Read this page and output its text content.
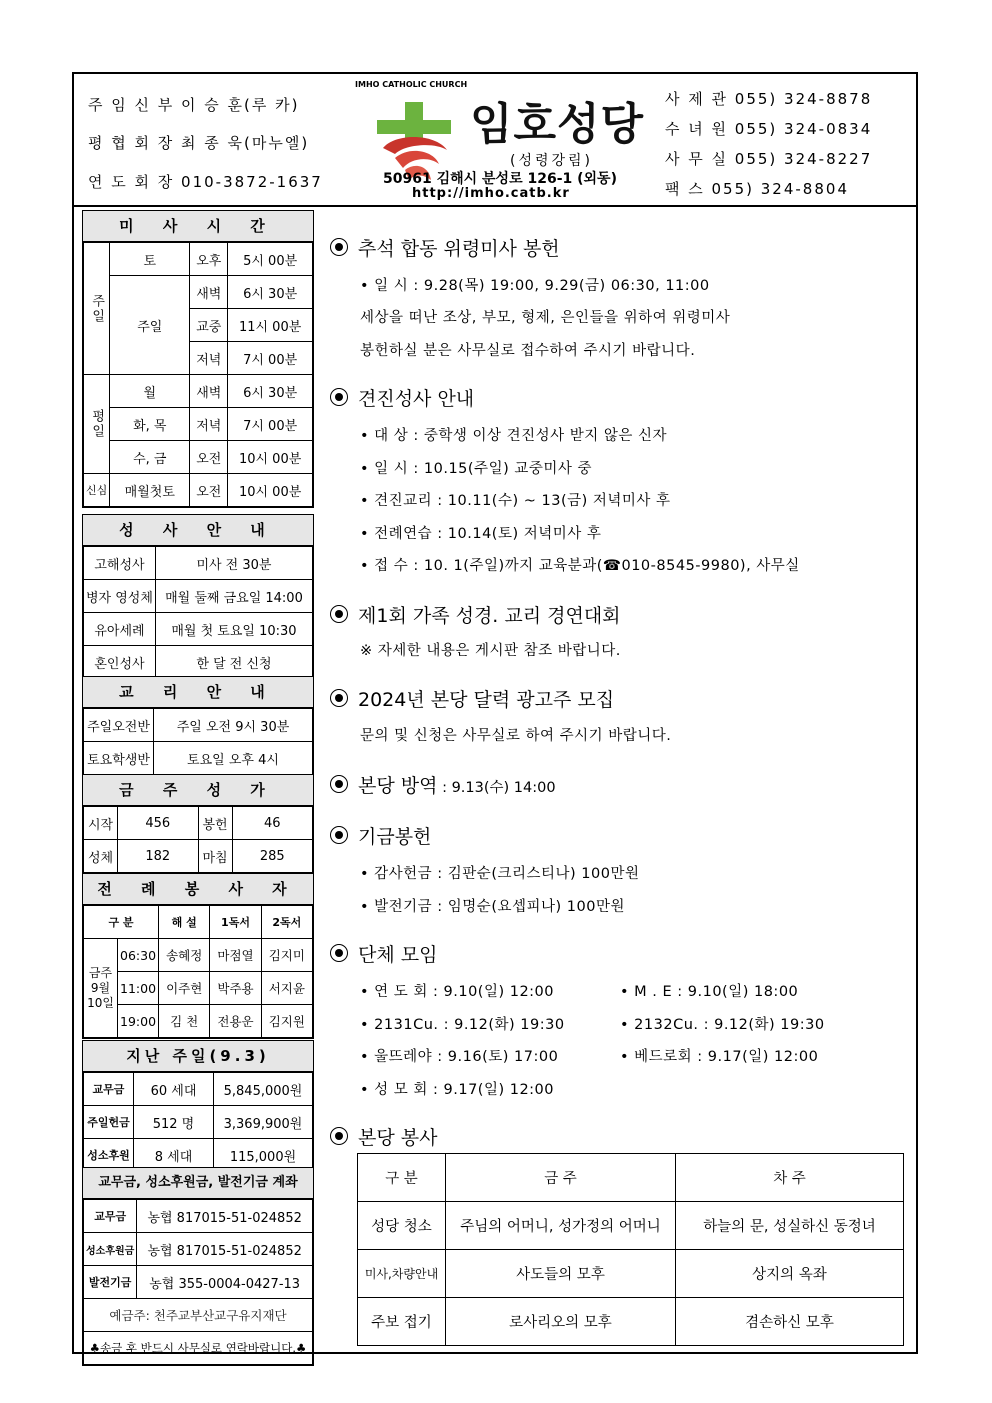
주 임 신 부 이 승 훈(루 카)
평 협 회 장 최 종 욱(마누엘)
연 도 회 장 010-3872-1637
IMHO CATHOLIC CHURCH
임호성당
(성령강림)
50961 김해시 분성로 126-1 (외동)
http://imho.catb.kr
사 제 관 055) 324-8878
수 녀 원 055) 324-0834
사 무 실 055) 324-8227
팩 스 055) 324-8804
미 사 시 간
주일	토	오후	5시 00분
	주일	새벽	6시 30분
		교중	11시 00분
		저녁	7시 00분
평일	월	새벽	6시 30분
	화, 목	저녁	7시 00분
	수, 금	오전	10시 00분
신심	매월첫토	오전	10시 00분
성 사 안 내
고해성사	미사 전 30분
병자 영성체	매월 둘째 금요일 14:00
유아세례	매월 첫 토요일 10:30
혼인성사	한 달 전 신청
교 리 안 내
주일오전반	주일 오전 9시 30분
토요학생반	토요일 오후 4시
금 주 성 가
시작	456	봉헌	46
성체	182	마침	285
전 례 봉 사 자
구 분		해 설	1독서	2독서
금주 9월 10일	06:30	송혜정	마점열	김지미
	11:00	이주현	박주용	서지윤
	19:00	김 천	전용운	김지원
지난 주일(9.3)
교무금	60 세대	5,845,000원
주일헌금	512 명	3,369,900원
성소후원	8 세대	115,000원
교무금, 성소후원금, 발전기금 계좌
교무금	농협 817015-51-024852
성소후원금	농협 817015-51-024852
발전기금	농협 355-0004-0427-13
예금주: 천주교부산교구유지재단	
♣송금 후 반드시 사무실로 연락바랍니다.♣	
추석 합동 위령미사 봉헌
• 일 시 : 9.28(목) 19:00, 9.29(금) 06:30, 11:00
세상을 떠난 조상, 부모, 형제, 은인들을 위하여 위령미사
봉헌하실 분은 사무실로 접수하여 주시기 바랍니다.
견진성사 안내
• 대 상 : 중학생 이상 견진성사 받지 않은 신자
• 일 시 : 10.15(주일) 교중미사 중
• 견진교리 : 10.11(수) ~ 13(금) 저녁미사 후
• 전례연습 : 10.14(토) 저녁미사 후
• 접 수 : 10. 1(주일)까지 교육분과(☎010-8545-9980), 사무실
제1회 가족 성경. 교리 경연대회
※ 자세한 내용은 게시판 참조 바랍니다.
2024년 본당 달력 광고주 모집
문의 및 신청은 사무실로 하여 주시기 바랍니다.
본당 방역 : 9.13(수) 14:00
기금봉헌
• 감사헌금 : 김판순(크리스티나) 100만원
• 발전기금 : 임명순(요셉피나) 100만원
단체 모임
• 연 도 회 : 9.10(일) 12:00
• 2131Cu. : 9.12(화) 19:30
• 울뜨레야 : 9.16(토) 17:00
• 성 모 회 : 9.17(일) 12:00
• M . E : 9.10(일) 18:00
• 2132Cu. : 9.12(화) 19:30
• 베드로회 : 9.17(일) 12:00
본당 봉사
구 분	금 주	차 주
성당 청소	주님의 어머니, 성가정의 어머니	하늘의 문, 성실하신 동정녀
미사,차량안내	사도들의 모후	상지의 옥좌
주보 접기	로사리오의 모후	겸손하신 모후
